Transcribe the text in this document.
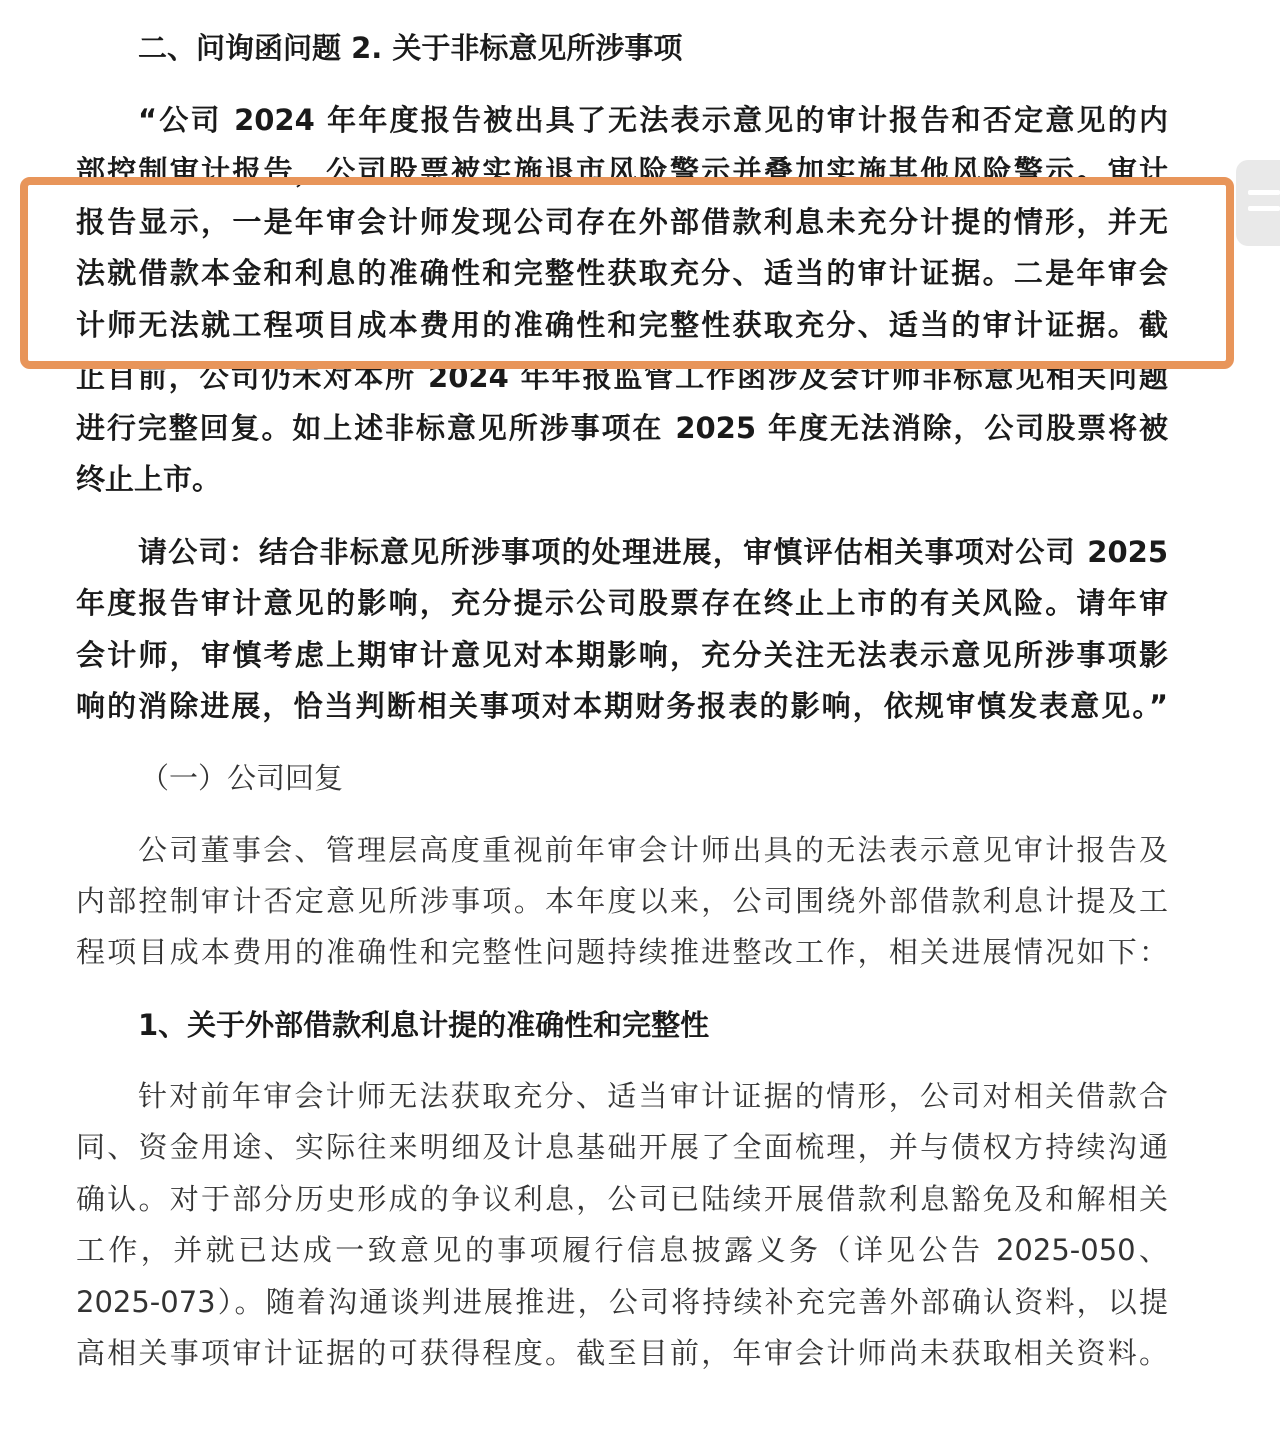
二、问询函问题 2. 关于非标意见所涉事项
“公司 2024 年年度报告被出具了无法表示意见的审计报告和否定意见的内
部控制审计报告，公司股票被实施退市风险警示并叠加实施其他风险警示。审计
报告显示，一是年审会计师发现公司存在外部借款利息未充分计提的情形，并无
法就借款本金和利息的准确性和完整性获取充分、适当的审计证据。二是年审会
计师无法就工程项目成本费用的准确性和完整性获取充分、适当的审计证据。截
止目前，公司仍未对本所 2024 年年报监管工作函涉及会计师非标意见相关问题
进行完整回复。如上述非标意见所涉事项在 2025 年度无法消除，公司股票将被
终止上市。
请公司：结合非标意见所涉事项的处理进展，审慎评估相关事项对公司 2025
年度报告审计意见的影响，充分提示公司股票存在终止上市的有关风险。请年审
会计师，审慎考虑上期审计意见对本期影响，充分关注无法表示意见所涉事项影
响的消除进展，恰当判断相关事项对本期财务报表的影响，依规审慎发表意见。”
（一）公司回复
公司董事会、管理层高度重视前年审会计师出具的无法表示意见审计报告及
内部控制审计否定意见所涉事项。本年度以来，公司围绕外部借款利息计提及工
程项目成本费用的准确性和完整性问题持续推进整改工作，相关进展情况如下：
1、关于外部借款利息计提的准确性和完整性
针对前年审会计师无法获取充分、适当审计证据的情形，公司对相关借款合
同、资金用途、实际往来明细及计息基础开展了全面梳理，并与债权方持续沟通
确认。对于部分历史形成的争议利息，公司已陆续开展借款利息豁免及和解相关
工作，并就已达成一致意见的事项履行信息披露义务（详见公告 2025-050、
2025-073）。随着沟通谈判进展推进，公司将持续补充完善外部确认资料，以提
高相关事项审计证据的可获得程度。截至目前，年审会计师尚未获取相关资料。
